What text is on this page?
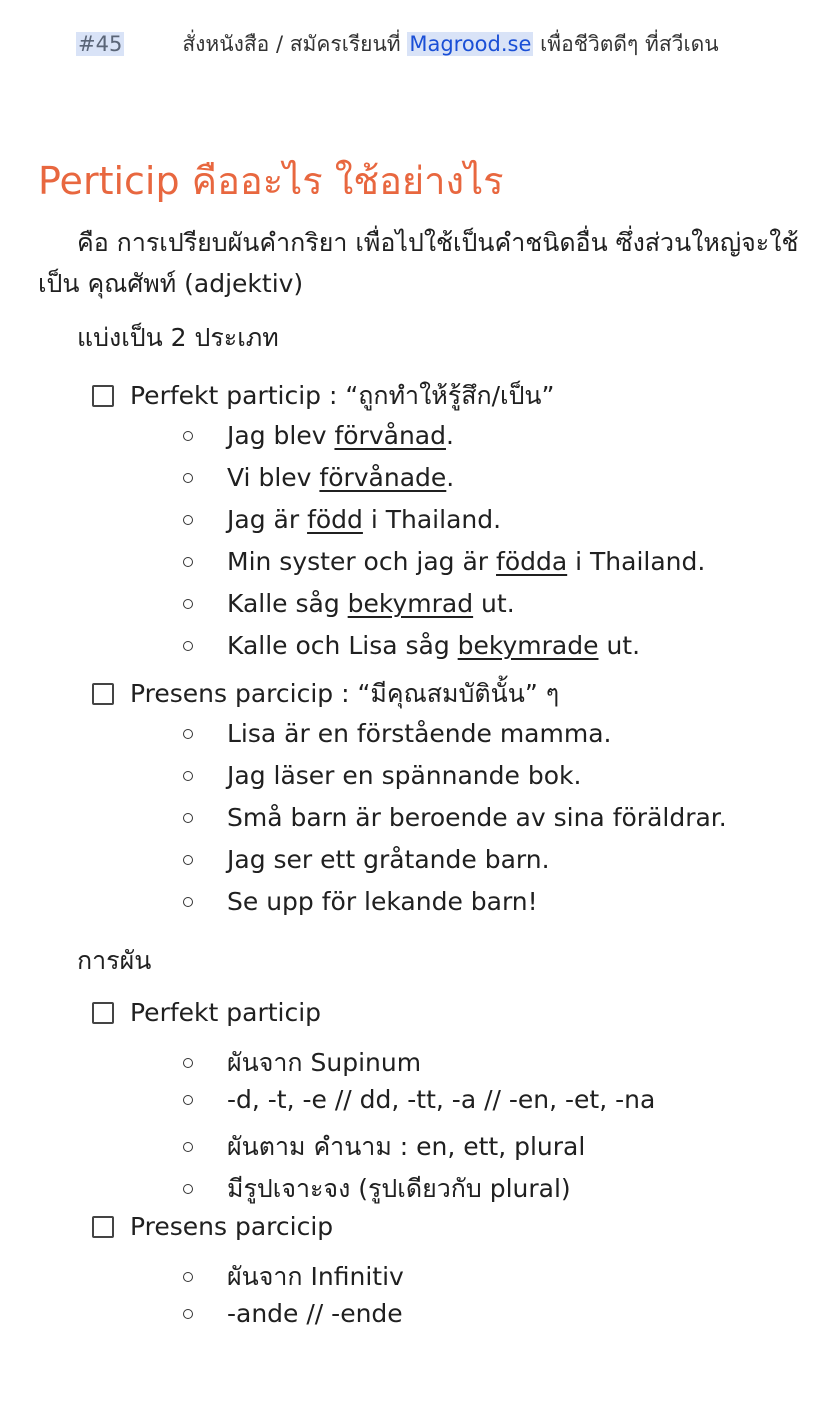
#45	สั่งหนังสือ / สมัครเรียนที่ Magrood.se เพื่อชีวิตดีๆ ที่สวีเดน
Perticip คืออะไร ใช้อย่างไร

คือ การเปรียบผันคำกริยา เพื่อไปใช้เป็นคำชนิดอื่น ซึ่งส่วนใหญ่จะใช้เป็น คุณศัพท์ (adjektiv)

แบ่งเป็น 2 ประเภท

Perfekt particip : “ถูกทำให้รู้สึก/เป็น”
Jag blev förvånad.
Vi blev förvånade.
Jag är född i Thailand.
Min syster och jag är födda i Thailand.
Kalle såg bekymrad ut.
Kalle och Lisa såg bekymrade ut.
Presens parcicip : “มีคุณสมบัตินั้น” ๆ
Lisa är en förstående mamma.
Jag läser en spännande bok.
Små barn är beroende av sina föräldrar.
Jag ser ett gråtande barn.
Se upp för lekande barn!

การผัน

Perfekt particip
ผันจาก Supinum
-d, -t, -e // dd, -tt, -a // -en, -et, -na
ผันตาม คำนาม : en, ett, plural
มีรูปเจาะจง (รูปเดียวกับ plural)
Presens parcicip
ผันจาก Infinitiv
-ande // -ende
